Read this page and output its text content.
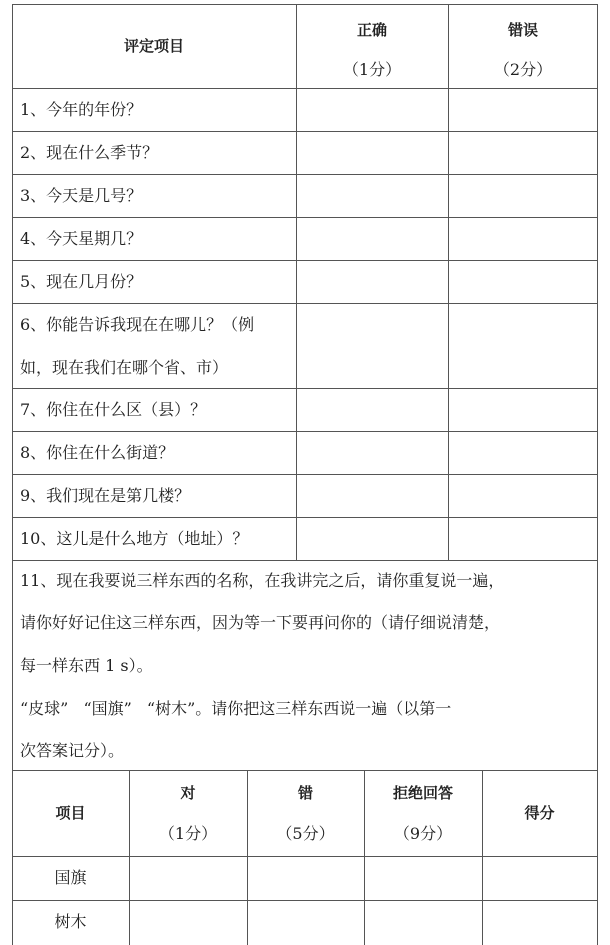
评定项目
正确
（1分）
错误
（2分）
1、今年的年份？
2、现在什么季节？
3、今天是几号？
4、今天星期几？
5、现在几月份？
6、你能告诉我现在在哪儿？（例
如，现在我们在哪个省、市）
7、你住在什么区（县）？
8、你住在什么街道？
9、我们现在是第几楼？
10、这儿是什么地方（地址）？
11、现在我要说三样东西的名称，在我讲完之后，请你重复说一遍，
请你好好记住这三样东西，因为等一下要再问你的（请仔细说清楚，
每一样东西 1 s）。
“皮球” “国旗” “树木”。请你把这三样东西说一遍（以第一
次答案记分）。
项目
对
（1分）
错
（5分）
拒绝回答
（9分）
得分
国旗
树木
